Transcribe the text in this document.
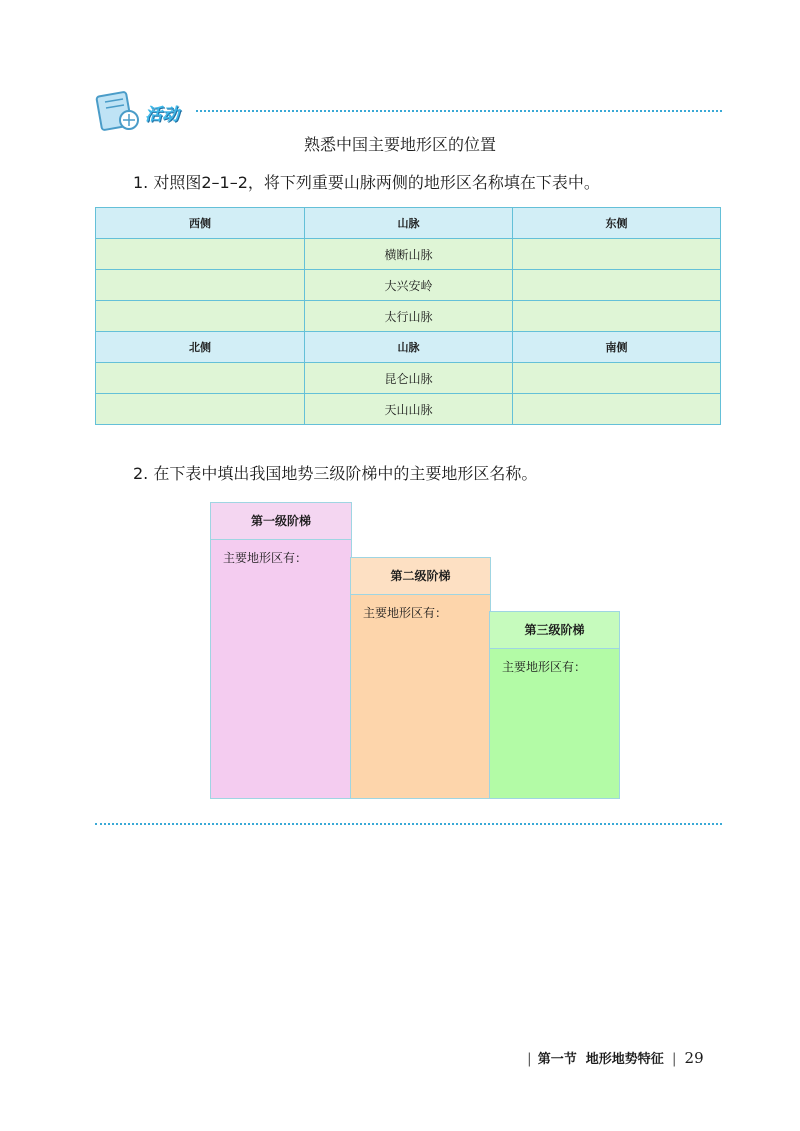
活动
熟悉中国主要地形区的位置
1. 对照图2–1–2，将下列重要山脉两侧的地形区名称填在下表中。
西侧	山脉	东侧
	横断山脉	
	大兴安岭	
	太行山脉	
北侧	山脉	南侧
	昆仑山脉	
	天山山脉	
2. 在下表中填出我国地势三级阶梯中的主要地形区名称。
第一级阶梯
主要地形区有：
第二级阶梯
主要地形区有：
第三级阶梯
主要地形区有：
| 第一节 地形地势特征 | 29
